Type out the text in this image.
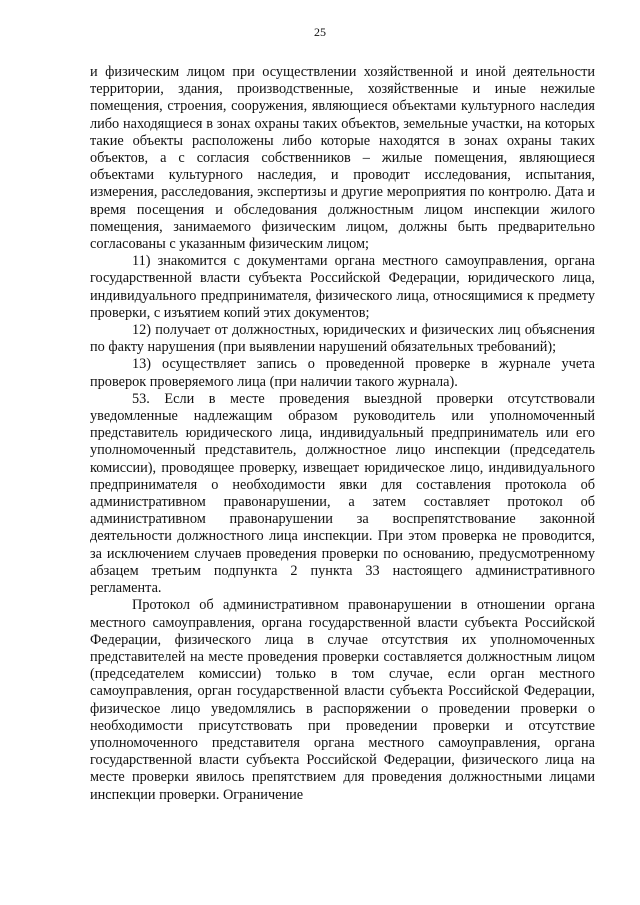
25

и физическим лицом при осуществлении хозяйственной и иной деятельности территории, здания, производственные, хозяйственные и иные нежилые помещения, строения, сооружения, являющиеся объектами культурного наследия либо находящиеся в зонах охраны таких объектов, земельные участки, на которых такие объекты расположены либо которые находятся в зонах охраны таких объектов, а с согласия собственников – жилые помещения, являющиеся объектами культурного наследия, и проводит исследования, испытания, измерения, расследования, экспертизы и другие мероприятия по контролю. Дата и время посещения и обследования должностным лицом инспекции жилого помещения, занимаемого физическим лицом, должны быть предварительно согласованы с указанным физическим лицом;

11) знакомится с документами органа местного самоуправления, органа государственной власти субъекта Российской Федерации, юридического лица, индивидуального предпринимателя, физического лица, относящимися к предмету проверки, с изъятием копий этих документов;

12) получает от должностных, юридических и физических лиц объяснения по факту нарушения (при выявлении нарушений обязательных требований);

13) осуществляет запись о проведенной проверке в журнале учета проверок проверяемого лица (при наличии такого журнала).

53. Если в месте проведения выездной проверки отсутствовали уведомленные надлежащим образом руководитель или уполномоченный представитель юридического лица, индивидуальный предприниматель или его уполномоченный представитель, должностное лицо инспекции (председатель комиссии), проводящее проверку, извещает юридическое лицо, индивидуального предпринимателя о необходимости явки для составления протокола об административном правонарушении, а затем составляет протокол об административном правонарушении за воспрепятствование законной деятельности должностного лица инспекции. При этом проверка не проводится, за исключением случаев проведения проверки по основанию, предусмотренному абзацем третьим подпункта 2 пункта 33 настоящего административного регламента.

Протокол об административном правонарушении в отношении органа местного самоуправления, органа государственной власти субъекта Российской Федерации, физического лица в случае отсутствия их уполномоченных представителей на месте проведения проверки составляется должностным лицом (председателем комиссии) только в том случае, если орган местного самоуправления, орган государственной власти субъекта Российской Федерации, физическое лицо уведомлялись в распоряжении о проведении проверки о необходимости присутствовать при проведении проверки и отсутствие уполномоченного представителя органа местного самоуправления, органа государственной власти субъекта Российской Федерации, физического лица на месте проверки явилось препятствием для проведения должностными лицами инспекции проверки. Ограничение
